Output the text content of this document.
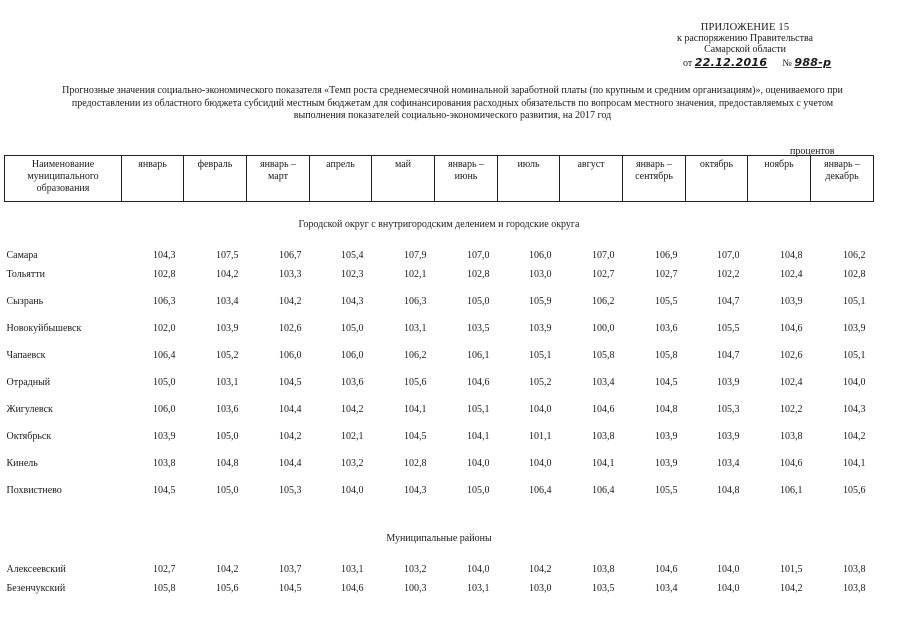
ПРИЛОЖЕНИЕ 15
к распоряжению Правительства
Самарской области
от 22.12.2016 № 988-р
Прогнозные значения социально-экономического показателя «Темп роста среднемесячной номинальной заработной платы (по крупным и средним организациям)», оцениваемого при
предоставлении из областного бюджета субсидий местным бюджетам для софинансирования расходных обязательств по вопросам местного значения, предоставляемых с учетом
выполнения показателей социально-экономического развития, на 2017 год
процентов
Наименование муниципального образования	январь	февраль	январь – март	апрель	май	январь – июнь	июль	август	январь – сентябрь	октябрь	ноябрь	январь – декабрь
Городской округ с внутригородским делением и городские округа												
Самара	104,3	107,5	106,7	105,4	107,9	107,0	106,0	107,0	106,9	107,0	104,8	106,2
Тольятти	102,8	104,2	103,3	102,3	102,1	102,8	103,0	102,7	102,7	102,2	102,4	102,8
Сызрань	106,3	103,4	104,2	104,3	106,3	105,0	105,9	106,2	105,5	104,7	103,9	105,1
Новокуйбышевск	102,0	103,9	102,6	105,0	103,1	103,5	103,9	100,0	103,6	105,5	104,6	103,9
Чапаевск	106,4	105,2	106,0	106,0	106,2	106,1	105,1	105,8	105,8	104,7	102,6	105,1
Отрадный	105,0	103,1	104,5	103,6	105,6	104,6	105,2	103,4	104,5	103,9	102,4	104,0
Жигулевск	106,0	103,6	104,4	104,2	104,1	105,1	104,0	104,6	104,8	105,3	102,2	104,3
Октябрьск	103,9	105,0	104,2	102,1	104,5	104,1	101,1	103,8	103,9	103,9	103,8	104,2
Кинель	103,8	104,8	104,4	103,2	102,8	104,0	104,0	104,1	103,9	103,4	104,6	104,1
Похвистнево	104,5	105,0	105,3	104,0	104,3	105,0	106,4	106,4	105,5	104,8	106,1	105,6
Муниципальные районы												
Алексеевский	102,7	104,2	103,7	103,1	103,2	104,0	104,2	103,8	104,6	104,0	101,5	103,8
Безенчукский	105,8	105,6	104,5	104,6	100,3	103,1	103,0	103,5	103,4	104,0	104,2	103,8
